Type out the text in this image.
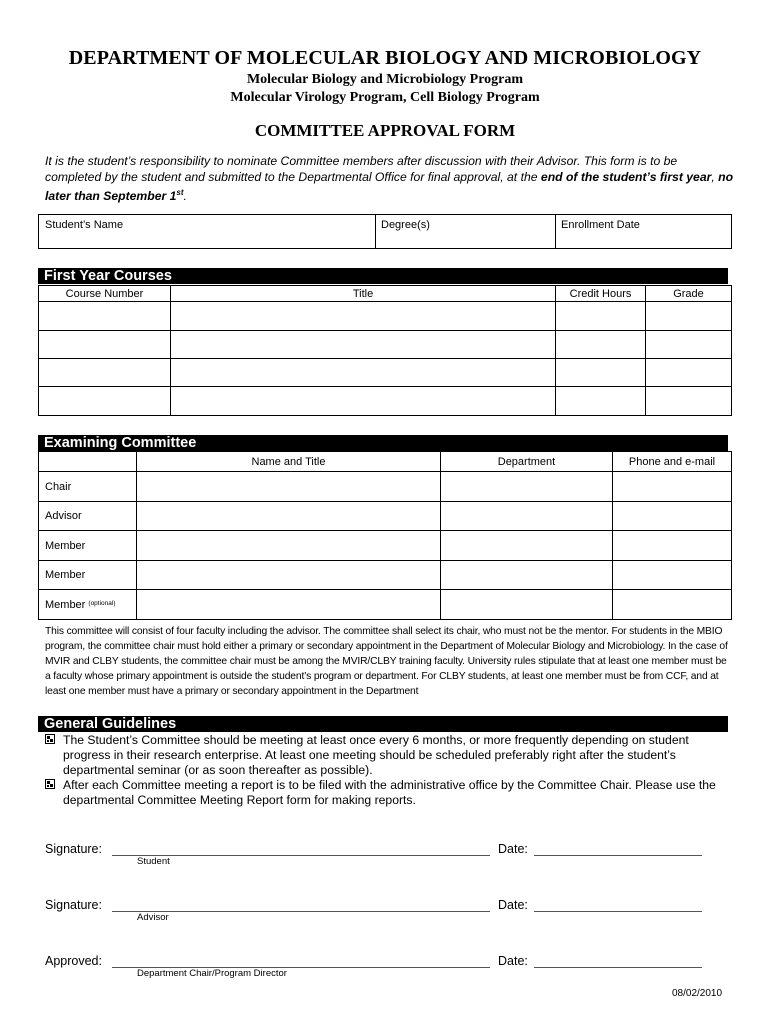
DEPARTMENT OF MOLECULAR BIOLOGY AND MICROBIOLOGY
Molecular Biology and Microbiology Program
Molecular Virology Program, Cell Biology Program
COMMITTEE APPROVAL FORM
It is the student’s responsibility to nominate Committee members after discussion with their Advisor. This form is to be completed by the student and submitted to the Departmental Office for final approval, at the end of the student’s first year, no later than September 1st.
Student’s Name	Degree(s)	Enrollment Date
First Year Courses
Course Number	Title	Credit Hours	Grade

Examining Committee
	Name and Title	Department	Phone and e-mail
Chair			
Advisor			
Member			
Member			
Member $^{(optional)}$			
This committee will consist of four faculty including the advisor. The committee shall select its chair, who must not be the mentor. For students in the MBIO program, the committee chair must hold either a primary or secondary appointment in the Department of Molecular Biology and Microbiology. In the case of MVIR and CLBY students, the committee chair must be among the MVIR/CLBY training faculty. University rules stipulate that at least one member must be a faculty whose primary appointment is outside the student’s program or department. For CLBY students, at least one member must be from CCF, and at least one member must have a primary or secondary appointment in the Department
General Guidelines
The Student’s Committee should be meeting at least once every 6 months, or more frequently depending on student progress in their research enterprise. At least one meeting should be scheduled preferably right after the student’s departmental seminar (or as soon thereafter as possible).
After each Committee meeting a report is to be filed with the administrative office by the Committee Chair. Please use the departmental Committee Meeting Report form for making reports.
Signature:
Student
Date:
Signature:
Advisor
Date:
Approved:
Department Chair/Program Director
Date:
08/02/2010
